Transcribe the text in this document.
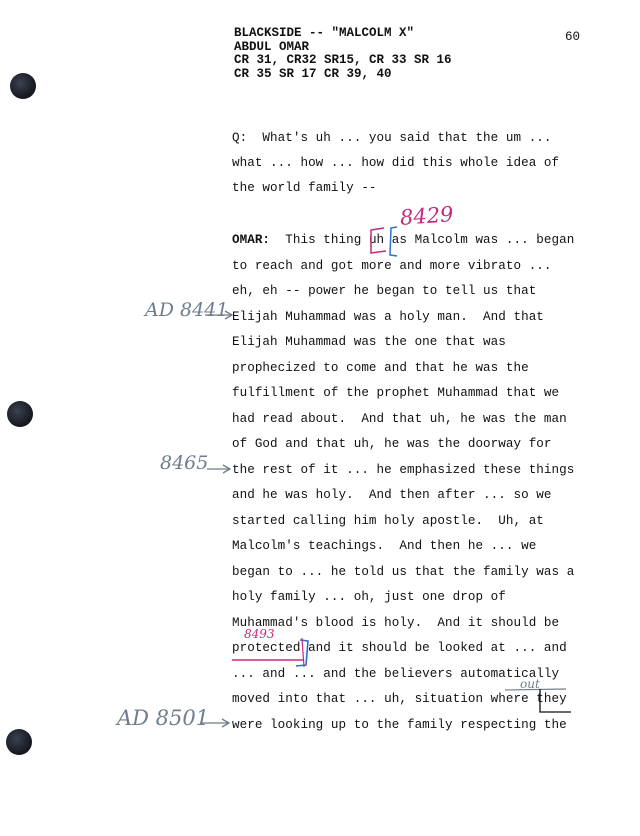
BLACKSIDE -- "MALCOLM X"
ABDUL OMAR
CR 31, CR32 SR15, CR 33 SR 16
CR 35 SR 17 CR 39, 40
60
Q:  What's uh ... you said that the um ...
what ... how ... how did this whole idea of
the world family --
OMAR:  This thing uh as Malcolm was ... began
to reach and got more and more vibrato ...
eh, eh -- power he began to tell us that
Elijah Muhammad was a holy man.  And that
Elijah Muhammad was the one that was
prophecized to come and that he was the
fulfillment of the prophet Muhammad that we
had read about.  And that uh, he was the man
of God and that uh, he was the doorway for
the rest of it ... he emphasized these things
and he was holy.  And then after ... so we
started calling him holy apostle.  Uh, at
Malcolm's teachings.  And then he ... we
began to ... he told us that the family was a
holy family ... oh, just one drop of
Muhammad's blood is holy.  And it should be
protected and it should be looked at ... and
... and ... and the believers automatically
moved into that ... uh, situation where they
were looking up to the family respecting the
8429
AD 8441
8465
8493
out
AD 8501
